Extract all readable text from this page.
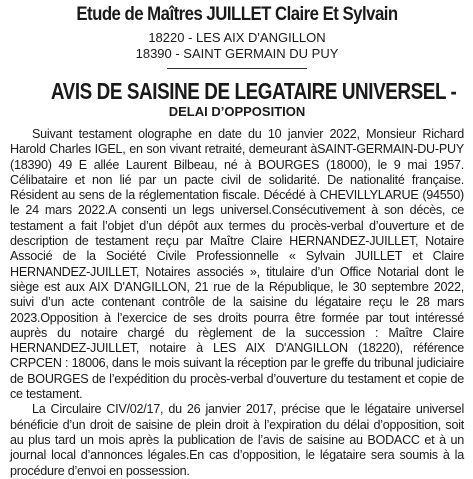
Etude de Maîtres JUILLET Claire Et Sylvain
18220 - LES AIX D'ANGILLON
18390 - SAINT GERMAIN DU PUY
AVIS DE SAISINE DE LEGATAIRE UNIVERSEL -
DELAI D’OPPOSITION

Suivant testament olographe en date du 10 janvier 2022, Monsieur Richard Harold Charles IGEL, en son vivant retraité, demeurant àSAINT-GERMAIN-DU-PUY (18390) 49 E allée Laurent Bilbeau, né à BOURGES (18000), le 9 mai 1957. Célibataire et non lié par un pacte civil de solidarité. De nationalité française. Résident au sens de la réglementation fiscale. Décédé à CHEVILLYLARUE (94550) le 24 mars 2022.A consenti un legs universel.Consécutivement à son décès, ce testament a fait l’objet d’un dépôt aux termes du procès-verbal d’ouverture et de description de testament reçu par Maître Claire HERNANDEZ-JUILLET, Notaire Associé de la Société Civile Professionnelle « Sylvain JUILLET et Claire HERNANDEZ-JUILLET, Notaires associés », titulaire d’un Office Notarial dont le siège est aux AIX D'ANGILLON, 21 rue de la République, le 30 septembre 2022, suivi d’un acte contenant contrôle de la saisine du légataire reçu le 28 mars 2023.Opposition à l’exercice de ses droits pourra être formée par tout intéressé auprès du notaire chargé du règlement de la succession : Maître Claire HERNANDEZ-JUILLET, notaire à LES AIX D'ANGILLON (18220), référence CRPCEN : 18006, dans le mois suivant la réception par le greffe du tribunal judiciaire de BOURGES de l’expédition du procès-verbal d’ouverture du testament et copie de ce testament.

La Circulaire CIV/02/17, du 26 janvier 2017, précise que le légataire universel bénéficie d’un droit de saisine de plein droit à l’expiration du délai d’opposition, soit au plus tard un mois après la publication de l’avis de saisine au BODACC et à un journal local d’annonces légales.En cas d’opposition, le légataire sera soumis à la procédure d’envoi en possession.
